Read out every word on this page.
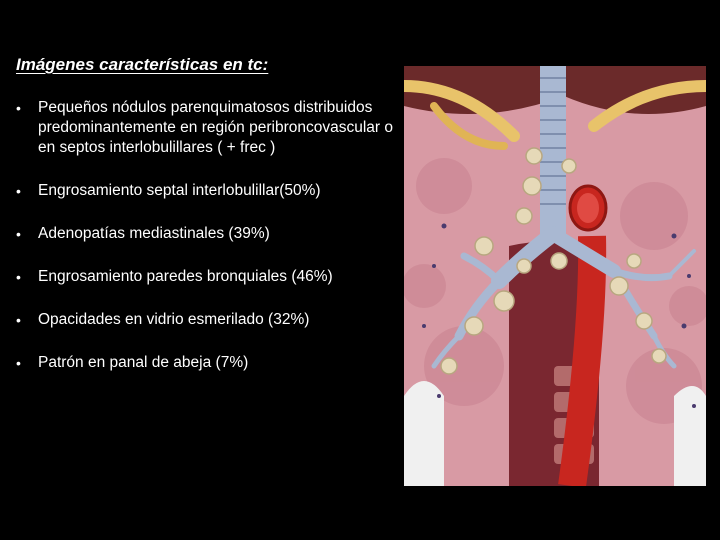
Imágenes características en tc:
• Pequeños nódulos parenquimatosos distribuidos predominantemente en región peribroncovascular o en septos interlobulillares ( + frec )
• Engrosamiento septal interlobulillar(50%)
• Adenopatías mediastinales (39%)
• Engrosamiento paredes bronquiales (46%)
• Opacidades en vidrio esmerilado (32%)
• Patrón en panal de abeja (7%)
